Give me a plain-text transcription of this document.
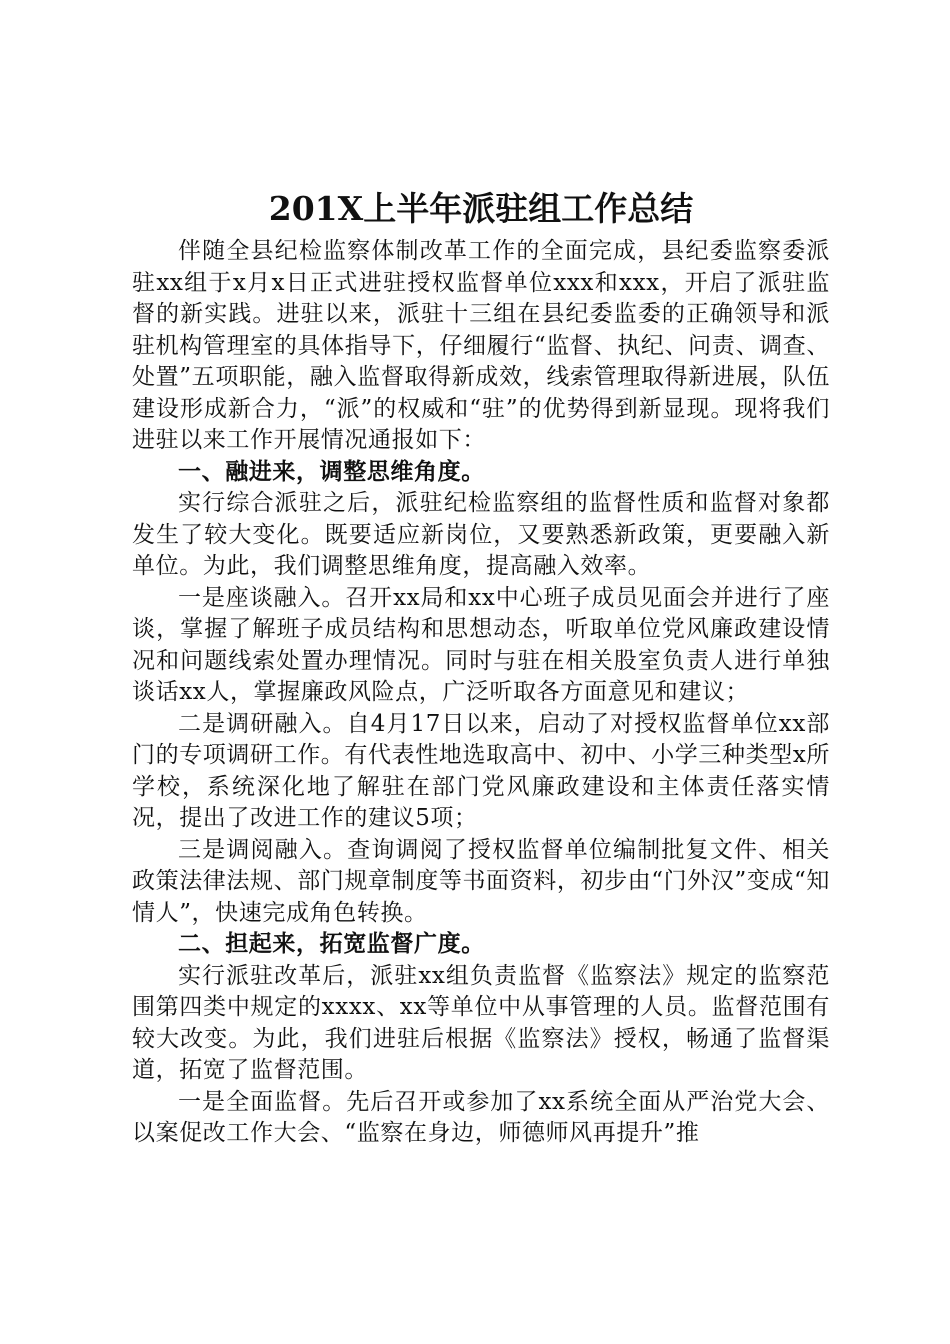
201X上半年派驻组工作总结

伴随全县纪检监察体制改革工作的全面完成，县纪委监察委派驻xx组于x月x日正式进驻授权监督单位xxx和xxx，开启了派驻监督的新实践。进驻以来，派驻十三组在县纪委监委的正确领导和派驻机构管理室的具体指导下，仔细履行“监督、执纪、问责、调查、处置”五项职能，融入监督取得新成效，线索管理取得新进展，队伍建设形成新合力，“派”的权威和“驻”的优势得到新显现。现将我们进驻以来工作开展情况通报如下：

一、融进来，调整思维角度。

实行综合派驻之后，派驻纪检监察组的监督性质和监督对象都发生了较大变化。既要适应新岗位，又要熟悉新政策，更要融入新单位。为此，我们调整思维角度，提高融入效率。

一是座谈融入。召开xx局和xx中心班子成员见面会并进行了座谈，掌握了解班子成员结构和思想动态，听取单位党风廉政建设情况和问题线索处置办理情况。同时与驻在相关股室负责人进行单独谈话xx人，掌握廉政风险点，广泛听取各方面意见和建议；

二是调研融入。自4月17日以来，启动了对授权监督单位xx部门的专项调研工作。有代表性地选取高中、初中、小学三种类型x所学校，系统深化地了解驻在部门党风廉政建设和主体责任落实情况，提出了改进工作的建议5项；

三是调阅融入。查询调阅了授权监督单位编制批复文件、相关政策法律法规、部门规章制度等书面资料，初步由“门外汉”变成“知情人”，快速完成角色转换。

二、担起来，拓宽监督广度。

实行派驻改革后，派驻xx组负责监督《监察法》规定的监察范围第四类中规定的xxxx、xx等单位中从事管理的人员。监督范围有较大改变。为此，我们进驻后根据《监察法》授权，畅通了监督渠道，拓宽了监督范围。

一是全面监督。先后召开或参加了xx系统全面从严治党大会、以案促改工作大会、“监察在身边，师德师风再提升”推
